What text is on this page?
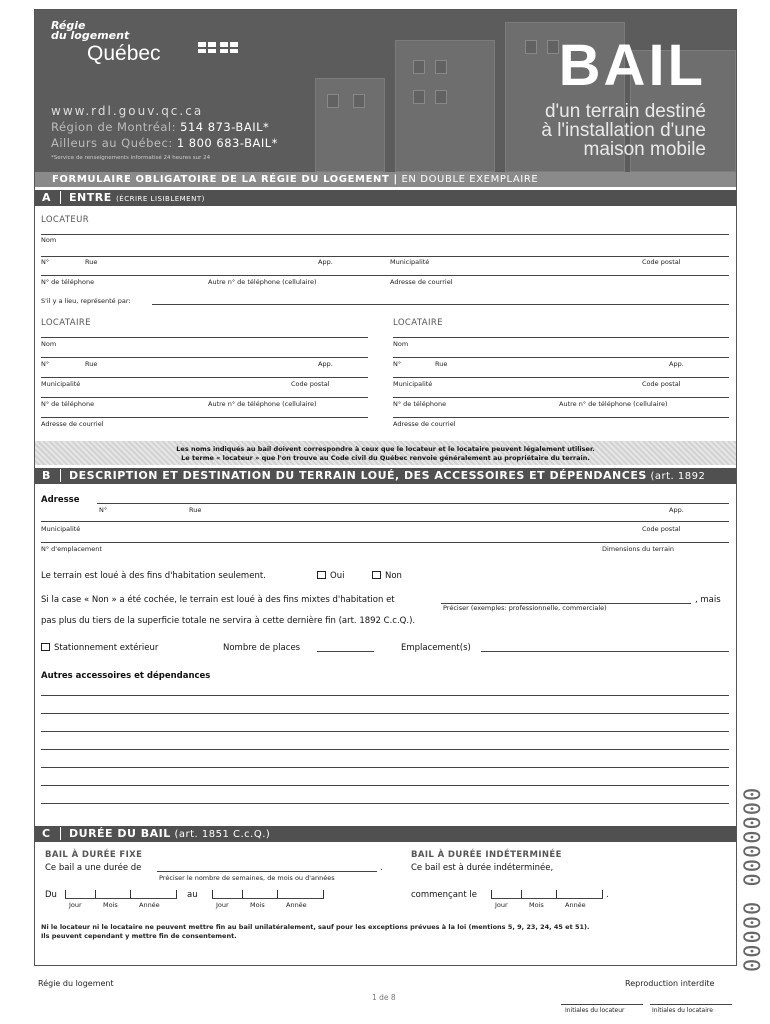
Régie
du logement
Québec
www.rdl.gouv.qc.ca
Région de Montréal: 514 873-BAIL*
Ailleurs au Québec: 1 800 683-BAIL*
*Service de renseignements informatisé 24 heures sur 24
BAIL
d'un terrain destiné
à l'installation d'une
maison mobile
FORMULAIRE OBLIGATOIRE DE LA RÉGIE DU LOGEMENT | EN DOUBLE EXEMPLAIRE
A ENTRE (ÉCRIRE LISIBLEMENT)
LOCATEUR
Nom
N°	Rue	App.	Municipalité	Code postal
N° de téléphone	Autre n° de téléphone (cellulaire)	Adresse de courriel
S'il y a lieu, représenté par:
LOCATAIRE	LOCATAIRE
Nom	Nom
N°	Rue	App.	N°	Rue	App.
Municipalité	Code postal	Municipalité	Code postal
N° de téléphone	Autre n° de téléphone (cellulaire)	N° de téléphone	Autre n° de téléphone (cellulaire)
Adresse de courriel	Adresse de courriel
Les noms indiqués au bail doivent correspondre à ceux que le locateur et le locataire peuvent légalement utiliser.
Le terme « locateur » que l'on trouve au Code civil du Québec renvoie généralement au propriétaire du terrain.
B DESCRIPTION ET DESTINATION DU TERRAIN LOUÉ, DES ACCESSOIRES ET DÉPENDANCES (art. 1892 C.c.Q.)
Adresse
N°	Rue	App.
Municipalité	Code postal
N° d'emplacement	Dimensions du terrain
Le terrain est loué à des fins d'habitation seulement.	Oui	Non
Si la case « Non » a été cochée, le terrain est loué à des fins mixtes d'habitation et
Préciser (exemples: professionnelle, commerciale)
, mais
pas plus du tiers de la superficie totale ne servira à cette dernière fin (art. 1892 C.c.Q.).
Stationnement extérieur	Nombre de places	Emplacement(s)
Autres accessoires et dépendances
C DURÉE DU BAIL (art. 1851 C.c.Q.)
BAIL À DURÉE FIXE
Ce bail a une durée de	.
Préciser le nombre de semaines, de mois ou d'années
Du
Jour	Mois	Année
au
Jour	Mois	Année
BAIL À DURÉE INDÉTERMINÉE
Ce bail est à durée indéterminée,
commençant le	.
Jour	Mois	Année
Ni le locateur ni le locataire ne peuvent mettre fin au bail unilatéralement, sauf pour les exceptions prévues à la loi (mentions 5, 9, 23, 24, 45 et 51).
Ils peuvent cependant y mettre fin de consentement.	00000 0000000
Régie du logement	Reproduction interdite
1 de 8
Initiales du locateur	Initiales du locataire
